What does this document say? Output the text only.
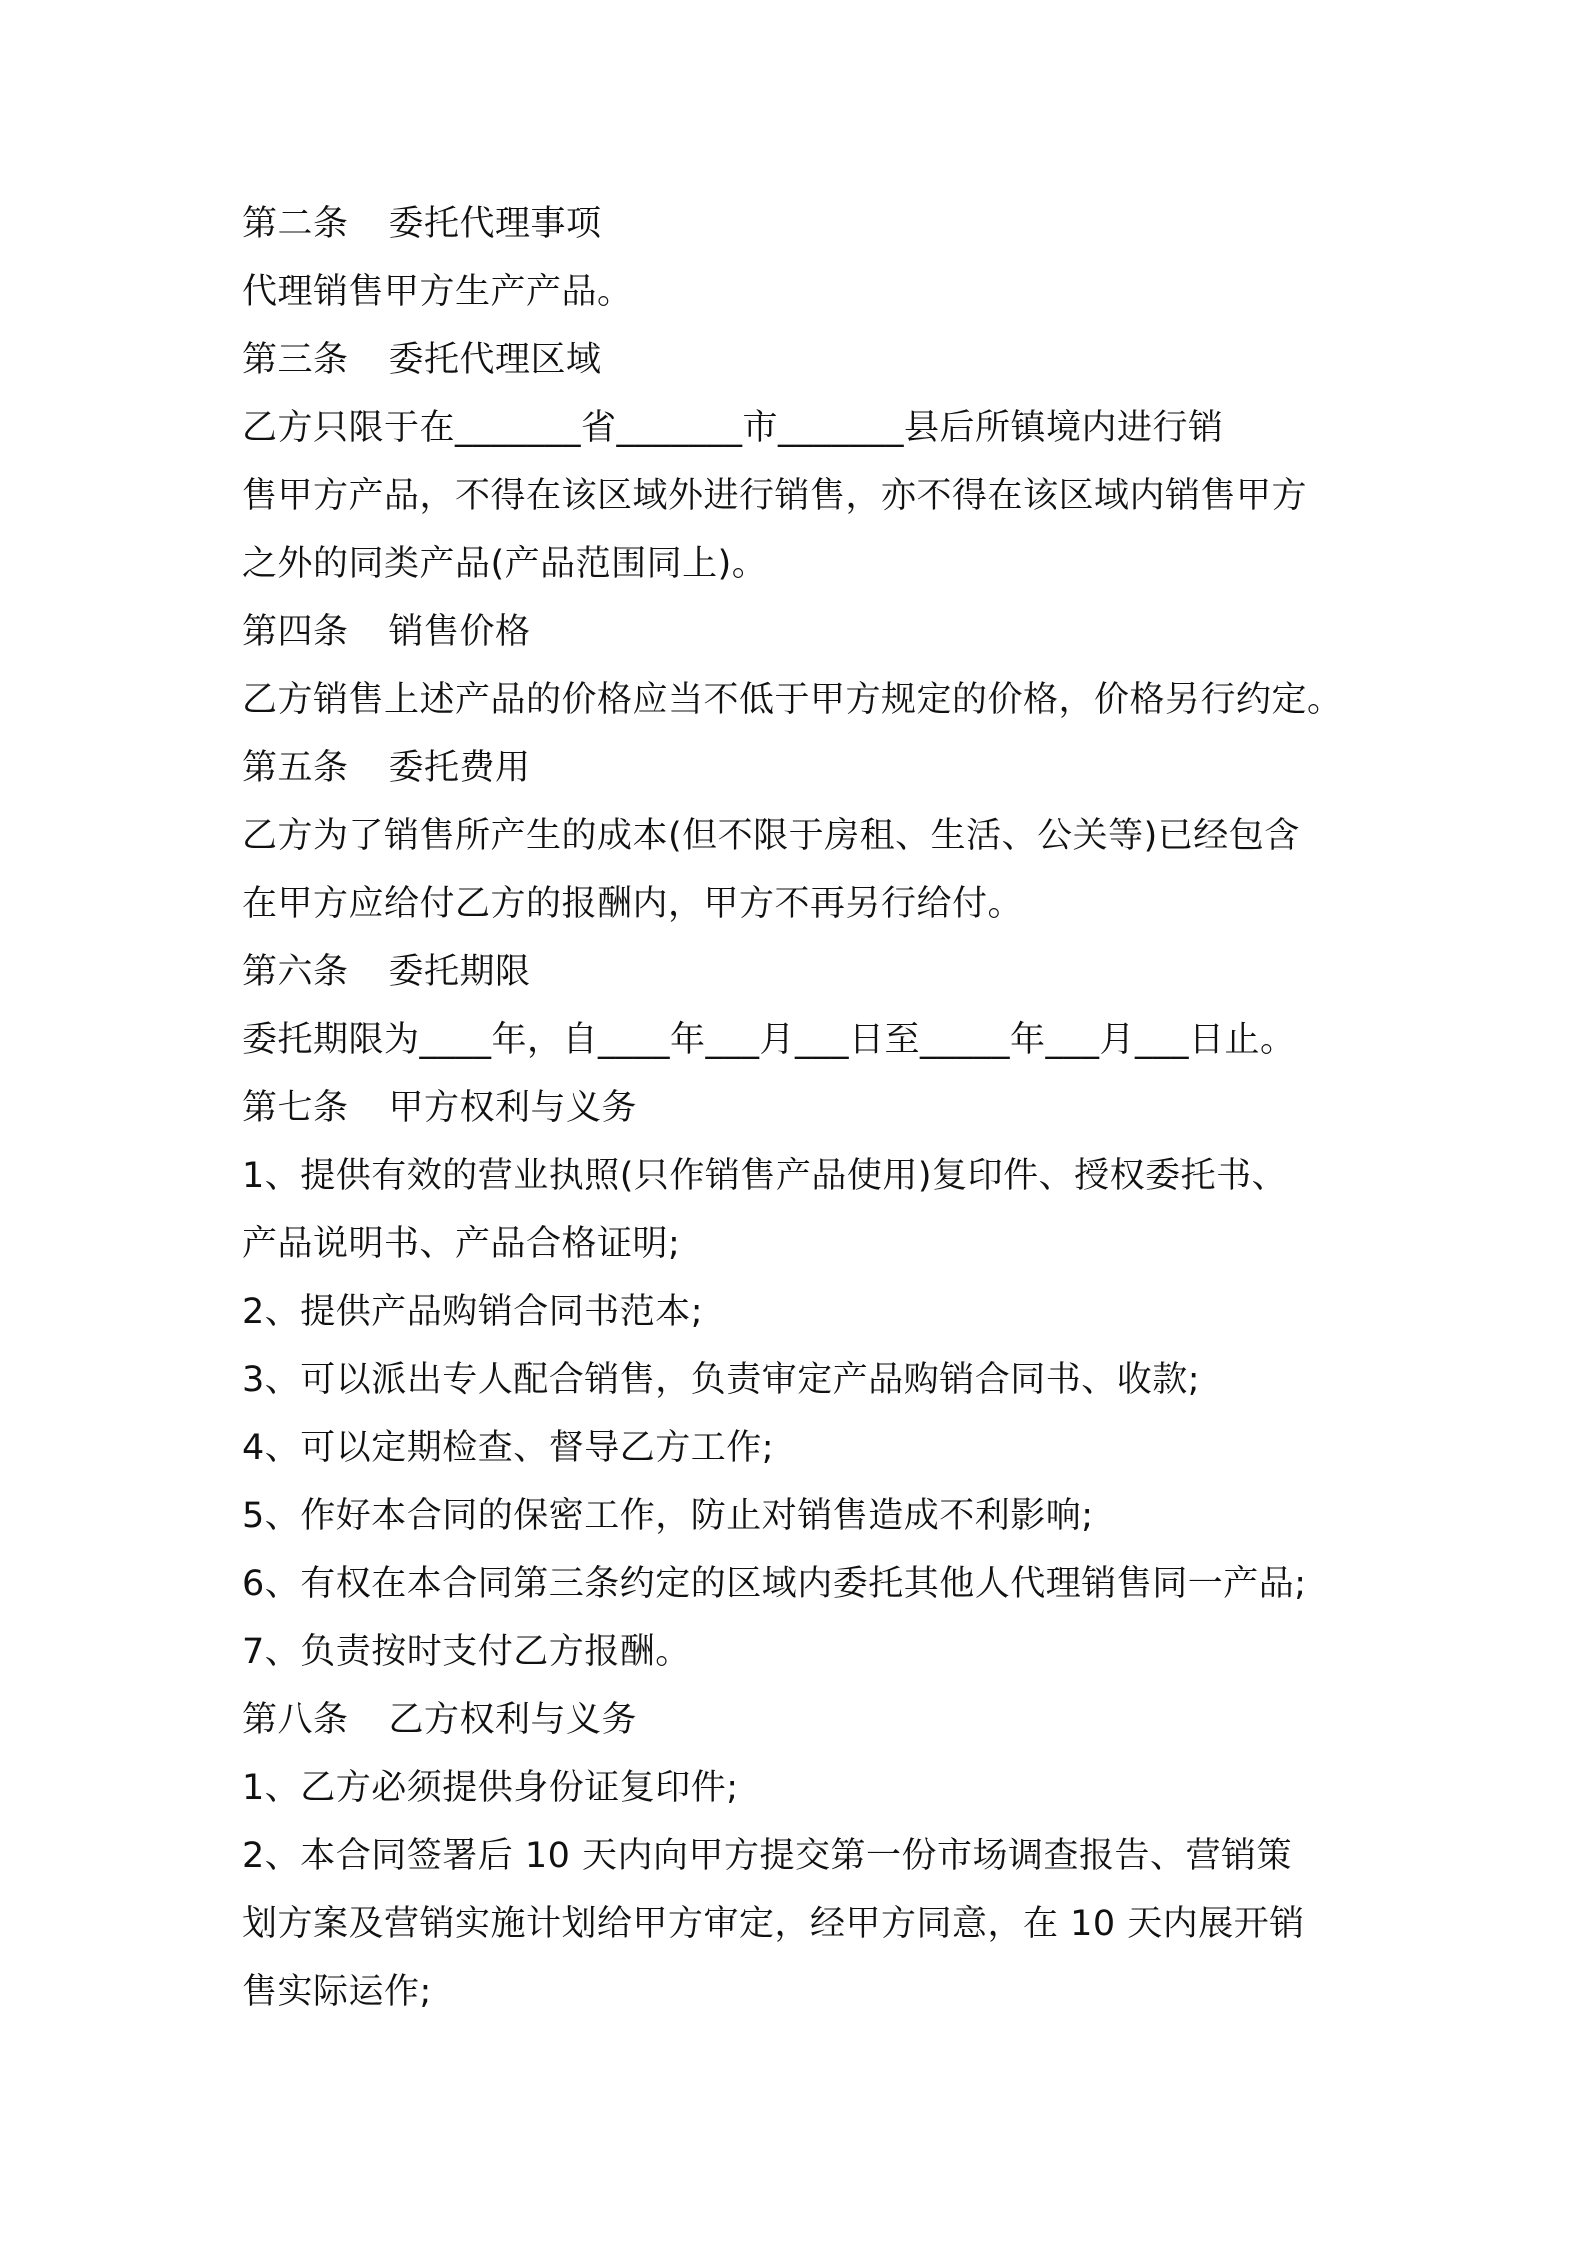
第二条 委托代理事项
代理销售甲方生产产品。
第三条 委托代理区域
乙方只限于在_______省_______市_______县后所镇境内进行销
售甲方产品，不得在该区域外进行销售，亦不得在该区域内销售甲方
之外的同类产品(产品范围同上)。
第四条 销售价格
乙方销售上述产品的价格应当不低于甲方规定的价格，价格另行约定。
第五条 委托费用
乙方为了销售所产生的成本(但不限于房租、生活、公关等)已经包含
在甲方应给付乙方的报酬内，甲方不再另行给付。
第六条 委托期限
委托期限为____年，自____年___月___日至_____年___月___日止。
第七条 甲方权利与义务
1、提供有效的营业执照(只作销售产品使用)复印件、授权委托书、
产品说明书、产品合格证明;
2、提供产品购销合同书范本;
3、可以派出专人配合销售，负责审定产品购销合同书、收款;
4、可以定期检查、督导乙方工作;
5、作好本合同的保密工作，防止对销售造成不利影响;
6、有权在本合同第三条约定的区域内委托其他人代理销售同一产品;
7、负责按时支付乙方报酬。
第八条 乙方权利与义务
1、乙方必须提供身份证复印件;
2、本合同签署后 10 天内向甲方提交第一份市场调查报告、营销策
划方案及营销实施计划给甲方审定，经甲方同意，在 10 天内展开销
售实际运作;
